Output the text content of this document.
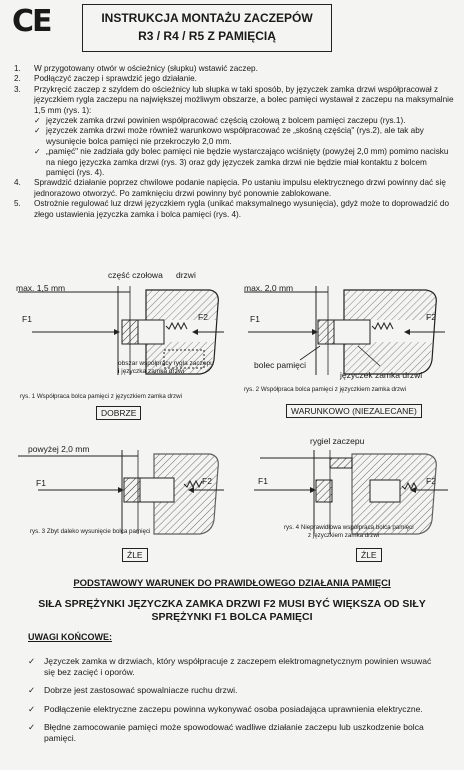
CE	INSTRUKCJA MONTAŻU ZACZEPÓW
R3 / R4 / R5 Z PAMIĘCIĄ
1.	W przygotowany otwór w ościeżnicy (słupku) wstawić zaczep.
2.	Podłączyć zaczep i sprawdzić jego działanie.
3.	Przykręcić zaczep z szyldem do ościeżnicy lub słupka w taki sposób, by języczek zamka drzwi współpracował z języczkiem rygla zaczepu na największej możliwym obszarze, a bolec pamięci wystawał z zaczepu na maksymalnie 1,5 mm (rys. 1):
✓ języczek zamka drzwi powinien współpracować częścią czołową z bolcem pamięci zaczepu (rys.1).
✓ języczek zamka drzwi może również warunkowo współpracować ze „skośną częścią" (rys.2), ale tak aby wysunięcie bolca pamięci nie przekroczyło 2,0 mm.
✓ „pamięć" nie zadziała gdy bolec pamięci nie będzie wystarczająco wciśnięty (powyżej 2,0 mm) pomimo nacisku na niego języczka zamka drzwi (rys. 3) oraz gdy języczek zamka drzwi nie będzie miał kontaktu z bolcem pamięci (rys. 4).
4.	Sprawdzić działanie poprzez chwilowe podanie napięcia. Po ustaniu impulsu elektrycznego drzwi powinny dać się jednorazowo otworzyć. Po zamknięciu drzwi powinny być ponownie zablokowane.
5.	Ostrożnie regulować luz drzwi języczkiem rygla (unikać maksymalnego wysunięcia), gdyż może to doprowadzić do złego ustawienia języczka zamka i bolca pamięci (rys. 4).
max. 1,5 mm
część czołowa drzwi
F1	F2
obszar współpracy rygla zaczepu i języczka zamka drzwi
rys. 1 Współpraca bolca pamięci z języczkiem zamka drzwi
DOBRZE
max. 2,0 mm
F1	F2
bolec pamięci
języczek zamka drzwi
rys. 2 Współpraca bolca pamięci z języczkiem zamka drzwi
WARUNKOWO (NIEZALECANE)
powyżej 2,0 mm
F1	F2
rys. 3 Zbyt daleko wysunięcie bolca pamięci
ŹLE
rygiel zaczepu
F1	F2
rys. 4 Nieprawidłowa współpraca bolca pamięci
z języczkiem zamka drzwi
ŹLE
PODSTAWOWY WARUNEK DO PRAWIDŁOWEGO DZIAŁANIA PAMIĘCI
SIŁA SPRĘŻYNKI JĘZYCZKA ZAMKA DRZWI F2 MUSI BYĆ WIĘKSZA OD SIŁY SPRĘŻYNKI F1 BOLCA PAMIĘCI
UWAGI KOŃCOWE:
✓	Języczek zamka w drzwiach, który współpracuje z zaczepem elektromagnetycznym powinien wsuwać się bez zacięć i oporów.
✓	Dobrze jest zastosować spowalniacze ruchu drzwi.
✓	Podłączenie elektryczne zaczepu powinna wykonywać osoba posiadająca uprawnienia elektryczne.
✓	Błędne zamocowanie pamięci może spowodować wadliwe działanie zaczepu lub uszkodzenie bolca pamięci.
